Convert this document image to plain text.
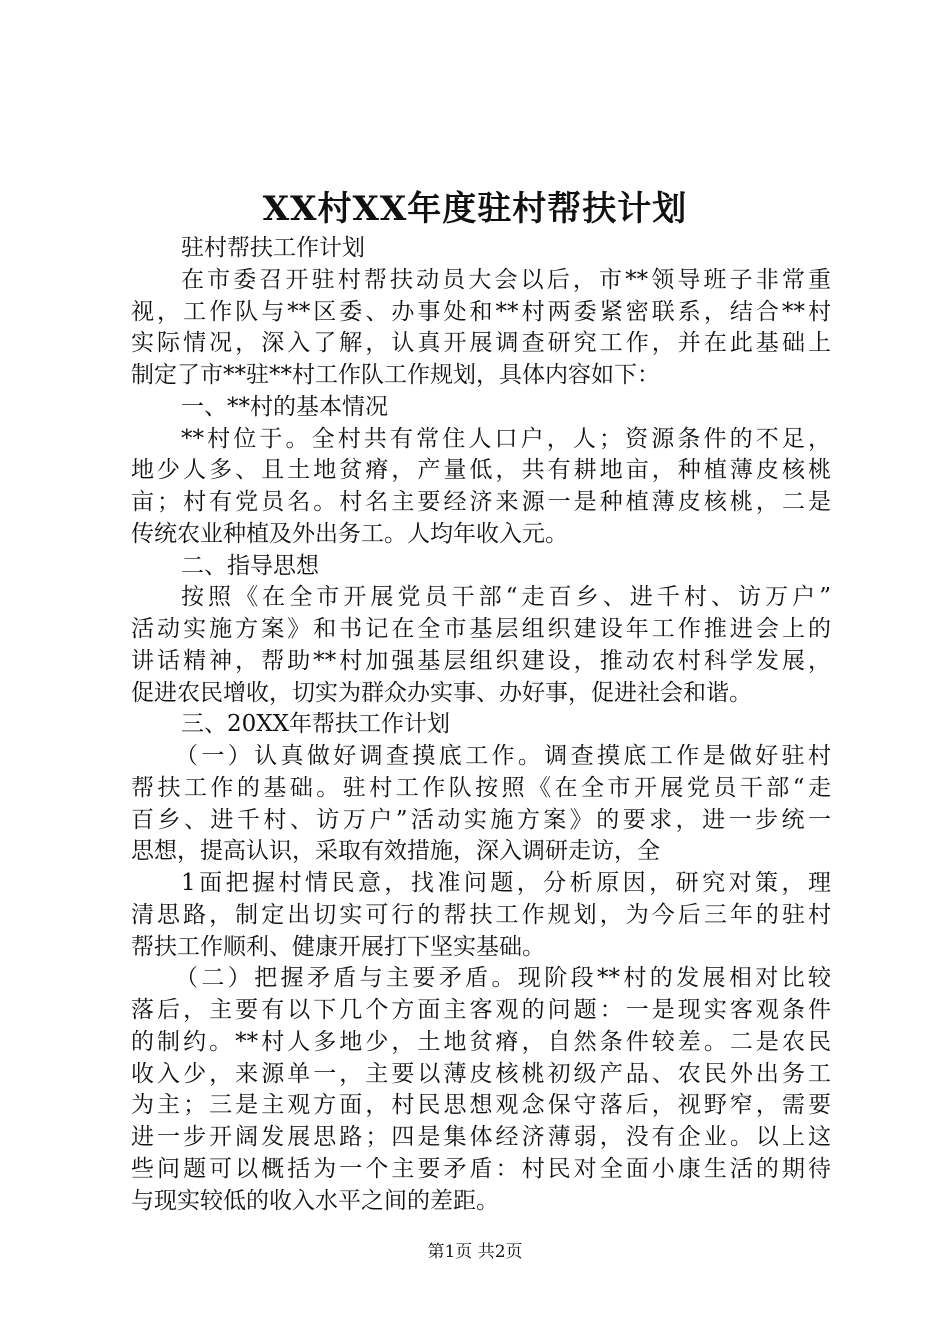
XX村XX年度驻村帮扶计划
驻村帮扶工作计划
在市委召开驻村帮扶动员大会以后，市**领导班子非常重
视，工作队与**区委、办事处和**村两委紧密联系，结合**村
实际情况，深入了解，认真开展调查研究工作，并在此基础上
制定了市**驻**村工作队工作规划，具体内容如下：
一、**村的基本情况
**村位于。全村共有常住人口户，人；资源条件的不足，
地少人多、且土地贫瘠，产量低，共有耕地亩，种植薄皮核桃
亩；村有党员名。村名主要经济来源一是种植薄皮核桃，二是
传统农业种植及外出务工。人均年收入元。
二、指导思想
按照《在全市开展党员干部“走百乡、进千村、访万户”
活动实施方案》和书记在全市基层组织建设年工作推进会上的
讲话精神，帮助**村加强基层组织建设，推动农村科学发展，
促进农民增收，切实为群众办实事、办好事，促进社会和谐。
三、20XX年帮扶工作计划
（一）认真做好调查摸底工作。调查摸底工作是做好驻村
帮扶工作的基础。驻村工作队按照《在全市开展党员干部“走
百乡、进千村、访万户”活动实施方案》的要求，进一步统一
思想，提高认识，采取有效措施，深入调研走访，全
1面把握村情民意，找准问题，分析原因，研究对策，理
清思路，制定出切实可行的帮扶工作规划，为今后三年的驻村
帮扶工作顺利、健康开展打下坚实基础。
（二）把握矛盾与主要矛盾。现阶段**村的发展相对比较
落后，主要有以下几个方面主客观的问题：一是现实客观条件
的制约。**村人多地少，土地贫瘠，自然条件较差。二是农民
收入少，来源单一，主要以薄皮核桃初级产品、农民外出务工
为主；三是主观方面，村民思想观念保守落后，视野窄，需要
进一步开阔发展思路；四是集体经济薄弱，没有企业。以上这
些问题可以概括为一个主要矛盾：村民对全面小康生活的期待
与现实较低的收入水平之间的差距。
第1页 共2页
